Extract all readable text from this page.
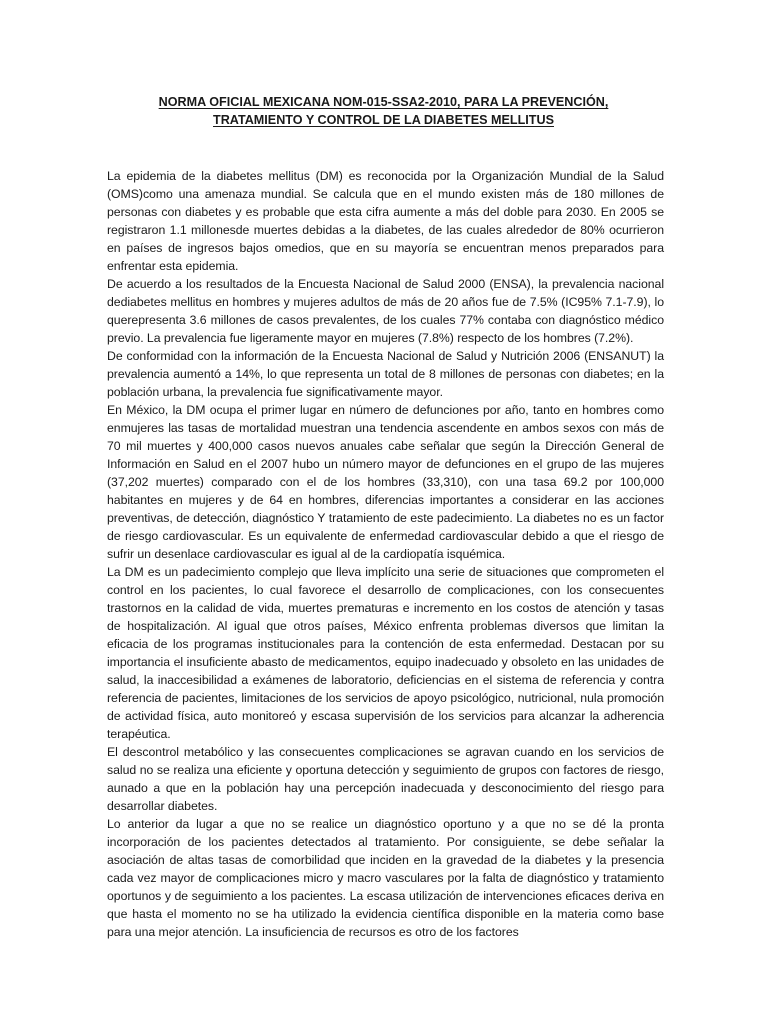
NORMA OFICIAL MEXICANA NOM-015-SSA2-2010, PARA LA PREVENCIÓN,
TRATAMIENTO Y CONTROL DE LA DIABETES MELLITUS

La epidemia de la diabetes mellitus (DM) es reconocida por la Organización Mundial de la Salud (OMS)como una amenaza mundial. Se calcula que en el mundo existen más de 180 millones de personas con diabetes y es probable que esta cifra aumente a más del doble para 2030. En 2005 se registraron 1.1 millonesde muertes debidas a la diabetes, de las cuales alrededor de 80% ocurrieron en países de ingresos bajos omedios, que en su mayoría se encuentran menos preparados para enfrentar esta epidemia.

De acuerdo a los resultados de la Encuesta Nacional de Salud 2000 (ENSA), la prevalencia nacional dediabetes mellitus en hombres y mujeres adultos de más de 20 años fue de 7.5% (IC95% 7.1-7.9), lo querepresenta 3.6 millones de casos prevalentes, de los cuales 77% contaba con diagnóstico médico previo. La prevalencia fue ligeramente mayor en mujeres (7.8%) respecto de los hombres (7.2%).

De conformidad con la información de la Encuesta Nacional de Salud y Nutrición 2006 (ENSANUT) la prevalencia aumentó a 14%, lo que representa un total de 8 millones de personas con diabetes; en la población urbana, la prevalencia fue significativamente mayor.

En México, la DM ocupa el primer lugar en número de defunciones por año, tanto en hombres como enmujeres las tasas de mortalidad muestran una tendencia ascendente en ambos sexos con más de 70 mil muertes y 400,000 casos nuevos anuales cabe señalar que según la Dirección General de Información en Salud en el 2007 hubo un número mayor de defunciones en el grupo de las mujeres (37,202 muertes) comparado con el de los hombres (33,310), con una tasa 69.2 por 100,000 habitantes en mujeres y de 64 en hombres, diferencias importantes a considerar en las acciones preventivas, de detección, diagnóstico Y tratamiento de este padecimiento. La diabetes no es un factor de riesgo cardiovascular. Es un equivalente de enfermedad cardiovascular debido a que el riesgo de sufrir un desenlace cardiovascular es igual al de la cardiopatía isquémica.

La DM es un padecimiento complejo que lleva implícito una serie de situaciones que comprometen el control en los pacientes, lo cual favorece el desarrollo de complicaciones, con los consecuentes trastornos en la calidad de vida, muertes prematuras e incremento en los costos de atención y tasas de hospitalización. Al igual que otros países, México enfrenta problemas diversos que limitan la eficacia de los programas institucionales para la contención de esta enfermedad. Destacan por su importancia el insuficiente abasto de medicamentos, equipo inadecuado y obsoleto en las unidades de salud, la inaccesibilidad a exámenes de laboratorio, deficiencias en el sistema de referencia y contra referencia de pacientes, limitaciones de los servicios de apoyo psicológico, nutricional, nula promoción de actividad física, auto monitoreó y escasa supervisión de los servicios para alcanzar la adherencia terapéutica.

El descontrol metabólico y las consecuentes complicaciones se agravan cuando en los servicios de salud no se realiza una eficiente y oportuna detección y seguimiento de grupos con factores de riesgo, aunado a que en la población hay una percepción inadecuada y desconocimiento del riesgo para desarrollar diabetes.

Lo anterior da lugar a que no se realice un diagnóstico oportuno y a que no se dé la pronta incorporación de los pacientes detectados al tratamiento. Por consiguiente, se debe señalar la asociación de altas tasas de comorbilidad que inciden en la gravedad de la diabetes y la presencia cada vez mayor de complicaciones micro y macro vasculares por la falta de diagnóstico y tratamiento oportunos y de seguimiento a los pacientes. La escasa utilización de intervenciones eficaces deriva en que hasta el momento no se ha utilizado la evidencia científica disponible en la materia como base para una mejor atención. La insuficiencia de recursos es otro de los factores
